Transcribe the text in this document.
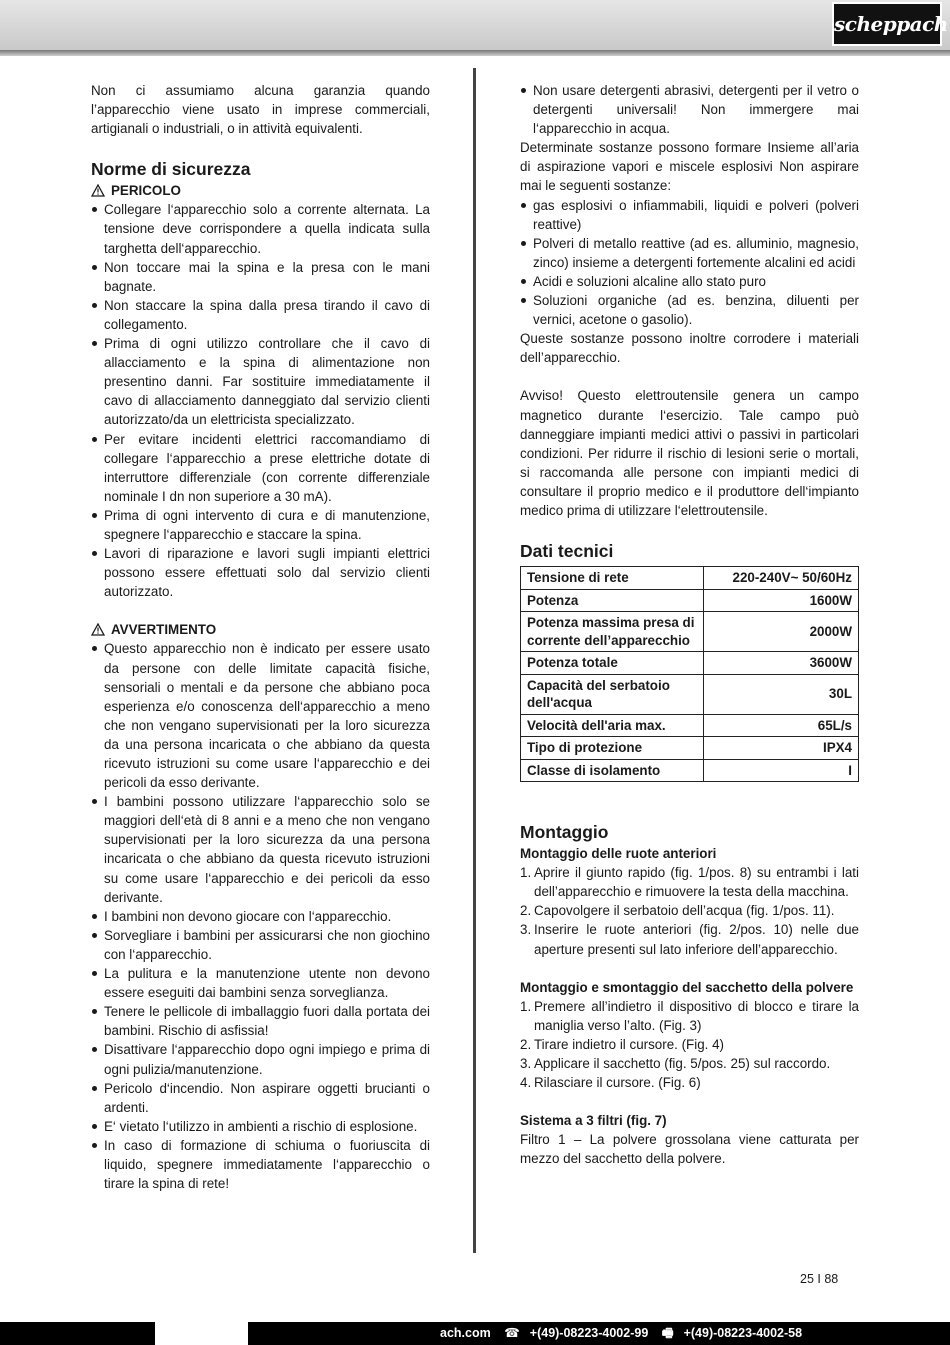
scheppach

Non ci assumiamo alcuna garanzia quando l’apparecchio viene usato in imprese commerciali, artigianali o industriali, o in attività equivalenti.

Norme di sicurezza
PERICOLO
Collegare l‘apparecchio solo a corrente alternata. La tensione deve corrispondere a quella indicata sulla targhetta dell‘apparecchio.
Non toccare mai la spina e la presa con le mani bagnate.
Non staccare la spina dalla presa tirando il cavo di collegamento.
Prima di ogni utilizzo controllare che il cavo di allacciamento e la spina di alimentazione non presentino danni. Far sostituire immediatamente il cavo di allacciamento danneggiato dal servizio clienti autorizzato/da un elettricista specializzato.
Per evitare incidenti elettrici raccomandiamo di collegare l‘apparecchio a prese elettriche dotate di interruttore differenziale (con corrente differenziale nominale I dn non superiore a 30 mA).
Prima di ogni intervento di cura e di manutenzione, spegnere l‘apparecchio e staccare la spina.
Lavori di riparazione e lavori sugli impianti elettrici possono essere effettuati solo dal servizio clienti autorizzato.
AVVERTIMENTO
Questo apparecchio non è indicato per essere usato da persone con delle limitate capacità fisiche, sensoriali o mentali e da persone che abbiano poca esperienza e/o conoscenza dell‘apparecchio a meno che non vengano supervisionati per la loro sicurezza da una persona incaricata o che abbiano da questa ricevuto istruzioni su come usare l‘apparecchio e dei pericoli da esso derivante.
I bambini possono utilizzare l‘apparecchio solo se maggiori dell‘età di 8 anni e a meno che non vengano supervisionati per la loro sicurezza da una persona incaricata o che abbiano da questa ricevuto istruzioni su come usare l‘apparecchio e dei pericoli da esso derivante.
I bambini non devono giocare con l‘apparecchio.
Sorvegliare i bambini per assicurarsi che non giochino con l‘apparecchio.
La pulitura e la manutenzione utente non devono essere eseguiti dai bambini senza sorveglianza.
Tenere le pellicole di imballaggio fuori dalla portata dei bambini. Rischio di asfissia!
Disattivare l‘apparecchio dopo ogni impiego e prima di ogni pulizia/manutenzione.
Pericolo d‘incendio. Non aspirare oggetti brucianti o ardenti.
E‘ vietato l‘utilizzo in ambienti a rischio di esplosione.
In caso di formazione di schiuma o fuoriuscita di liquido, spegnere immediatamente l‘apparecchio o tirare la spina di rete!
Non usare detergenti abrasivi, detergenti per il vetro o detergenti universali! Non immergere mai l‘apparecchio in acqua.

Determinate sostanze possono formare Insieme all’aria di aspirazione vapori e miscele esplosivi Non aspirare mai le seguenti sostanze:

gas esplosivi o infiammabili, liquidi e polveri (polveri reattive)
Polveri di metallo reattive (ad es. alluminio, magnesio, zinco) insieme a detergenti fortemente alcalini ed acidi
Acidi e soluzioni alcaline allo stato puro
Soluzioni organiche (ad es. benzina, diluenti per vernici, acetone o gasolio).

Queste sostanze possono inoltre corrodere i materiali dell’apparecchio.

Avviso! Questo elettroutensile genera un campo magnetico durante l‘esercizio. Tale campo può danneggiare impianti medici attivi o passivi in particolari condizioni. Per ridurre il rischio di lesioni serie o mortali, si raccomanda alle persone con impianti medici di consultare il proprio medico e il produttore dell‘impianto medico prima di utilizzare l‘elettroutensile.

Dati tecnici
Tensione di rete	220-240V~ 50/60Hz
Potenza	1600W
Potenza massima presa di corrente dell’apparecchio	2000W
Potenza totale	3600W
Capacità del serbatoio dell'acqua	30L
Velocità dell'aria max.	65L/s
Tipo di protezione	IPX4
Classe di isolamento	I
Montaggio
Montaggio delle ruote anteriori
1. Aprire il giunto rapido (fig. 1/pos. 8) su entrambi i lati dell’apparecchio e rimuovere la testa della macchina.
2. Capovolgere il serbatoio dell’acqua (fig. 1/pos. 11).
3. Inserire le ruote anteriori (fig. 2/pos. 10) nelle due aperture presenti sul lato inferiore dell’apparecchio.
Montaggio e smontaggio del sacchetto della polvere
1. Premere all’indietro il dispositivo di blocco e tirare la maniglia verso l’alto. (Fig. 3)
2. Tirare indietro il cursore. (Fig. 4)
3. Applicare il sacchetto (fig. 5/pos. 25) sul raccordo.
4. Rilasciare il cursore. (Fig. 6)
Sistema a 3 filtri (fig. 7)

Filtro 1 – La polvere grossolana viene catturata per mezzo del sacchetto della polvere.

25 I 88
ach.com ☎ +(49)-08223-4002-99 🖷 +(49)-08223-4002-58
